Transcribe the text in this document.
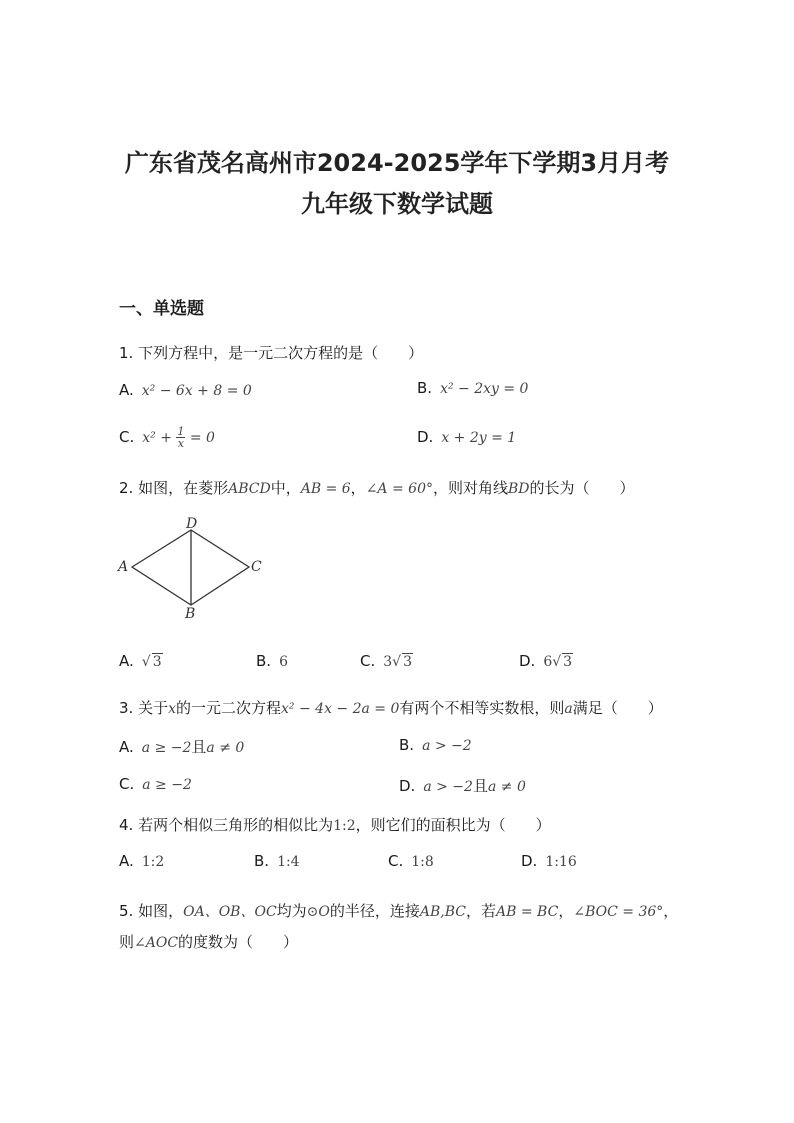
广东省茂名高州市2024-2025学年下学期3月月考
九年级下数学试题
一、单选题
1. 下列方程中，是一元二次方程的是（　　）
A. x² − 6x + 8 = 0	B. x² − 2xy = 0
C. $x^2 + \frac{1}{x} = 0$	D. x + 2y = 1
2. 如图，在菱形ABCD中，AB = 6，∠A = 60°，则对角线BD的长为（　　）
D
A	C
B
A. √ 3	B. 6	C. 3√ 3	D. 6√ 3
3. 关于x的一元二次方程x² − 4x − 2a = 0有两个不相等实数根，则a满足（　　）
A. a ≥ −2且a ≠ 0	B. a > −2
C. a ≥ −2	D. a > −2且a ≠ 0
4. 若两个相似三角形的相似比为1:2，则它们的面积比为（　　）
A. 1:2	B. 1:4	C. 1:8	D. 1:16
5. 如图，OA、OB、OC均为⊙O的半径，连接AB,BC，若AB = BC，∠BOC = 36°，
则∠AOC的度数为（　　）
